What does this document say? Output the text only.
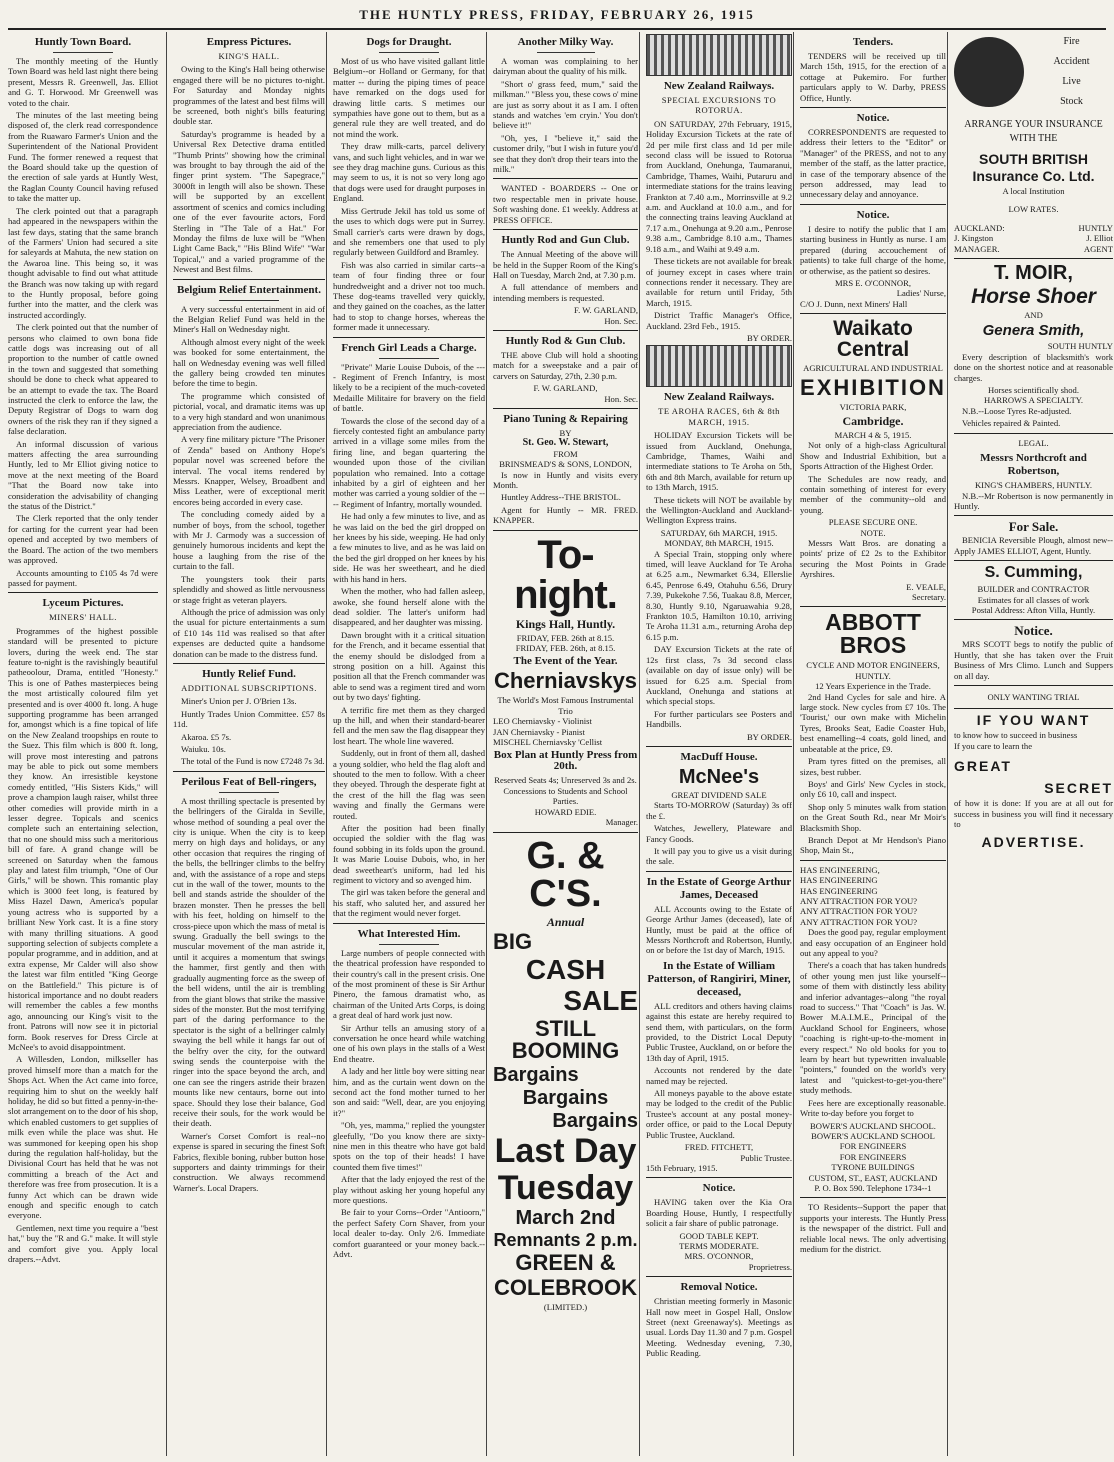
THE HUNTLY PRESS, FRIDAY, FEBRUARY 26, 1915
Huntly Town Board.

The monthly meeting of the Huntly Town Board was held last night there being present, Messrs R. Greenwell, Jas. Elliot and G. T. Horwood. Mr Greenwell was voted to the chair.

The minutes of the last meeting being disposed of, the clerk read correspondence from the Ruawaro Farmer's Union and the Superintendent of the National Provident Fund. The former renewed a request that the Board should take up the question of the erection of sale yards at Huntly West, the Raglan County Council having refused to take the matter up.

The clerk pointed out that a paragraph had appeared in the newspapers within the last few days, stating that the same branch of the Farmers' Union had secured a site for saleyards at Mahuta, the new station on the Awaroa line. This being so, it was thought advisable to find out what attitude the Branch was now taking up with regard to the Huntly proposal, before going further into the matter, and the clerk was instructed accordingly.

The clerk pointed out that the number of persons who claimed to own bona fide cattle dogs was increasing out of all proportion to the number of cattle owned in the town and suggested that something should be done to check what appeared to be an attempt to evade the tax. The Board instructed the clerk to enforce the law, the Deputy Registrar of Dogs to warn dog owners of the risk they ran if they signed a false declaration.

An informal discussion of various matters affecting the area surrounding Huntly, led to Mr Elliot giving notice to move at the next meeting of the Board "That the Board now take into consideration the advisability of changing the status of the District."

The Clerk reported that the only tender for carting for the current year had been opened and accepted by two members of the Board. The action of the two members was approved.

Accounts amounting to £105 4s 7d were passed for payment.

Lyceum Pictures.
MINERS' HALL.

Programmes of the highest possible standard will be presented to picture lovers, during the week end. The star feature to-night is the ravishingly beautiful patheoolour, Drama, entitled "Honesty." This is one of Pathes masterpieces being the most artistically coloured film yet presented and is over 4000 ft. long. A huge supporting programme has been arranged for, amongst which is a fine topical of life on the New Zealand troopships en route to the Suez. This film which is 800 ft. long, will prove most interesting and patrons may be able to pick out some members they know. An irresistible keystone comedy entitled, "His Sisters Kids," will prove a champion laugh raiser, whilst three other comedies will provide mirth in a lesser degree. Topicals and scenics complete such an entertaining selection, that no one should miss such a meritorious bill of fare. A grand change will be screened on Saturday when the famous play and latest film triumph, "One of Our Girls," will be shown. This romantic play which is 3000 feet long, is featured by Miss Hazel Dawn, America's popular young actress who is supported by a brilliant New York cast. It is a fine story with many thrilling situations. A good supporting selection of subjects complete a popular programme, and in addition, and at extra expense, Mr Calder will also show the latest war film entitled "King George on the Battlefield." This picture is of historical importance and no doubt readers will remember the cables a few months ago, announcing our King's visit to the front. Patrons will now see it in pictorial form. Book reserves for Dress Circle at McNee's to avoid disappointment.

A Willesden, London, milkseller has proved himself more than a match for the Shops Act. When the Act came into force, requiring him to shut on the weekly half holiday, he did so but fitted a penny-in-the-slot arrangement on to the door of his shop, which enabled customers to get supplies of milk even while the place was shut. He was summoned for keeping open his shop during the regulation half-holiday, but the Divisional Court has held that he was not committing a breach of the Act and therefore was free from prosecution. It is a funny Act which can be drawn wide enough and specific enough to catch everyone.

Gentlemen, next time you require a "best hat," buy the "R and G." make. It will style and comfort give you. Apply local drapers.--Advt.

Empress Pictures.
KING'S HALL.

Owing to the King's Hall being otherwise engaged there will be no pictures to-night. For Saturday and Monday nights programmes of the latest and best films will be screened, both night's bills featuring double star.

Saturday's programme is headed by a Universal Rex Detective drama entitled "Thumb Prints" showing how the criminal was brought to bay through the aid of the finger print system. "The Sapegrace," 3000ft in length will also be shown. These will be supported by an excellent assortment of scenics and comics including one of the ever favourite actors, Ford Sterling in "The Tale of a Hat." For Monday the films de luxe will be "When Light Came Back," "His Blind Wife" "War Topical," and a varied programme of the Newest and Best films.

Belgium Relief Entertainment.

A very successful entertainment in aid of the Belgian Relief Fund was held in the Miner's Hall on Wednesday night.

Although almost every night of the week was booked for some entertainment, the hall on Wednesday evening was well filled the gallery being crowded ten minutes before the time to begin.

The programme which consisted of pictorial, vocal, and dramatic items was up to a very high standard and won unanimous appreciation from the audience.

A very fine military picture "The Prisoner of Zenda" based on Anthony Hope's popular novel was screened before the interval. The vocal items rendered by Messrs. Knapper, Welsey, Broadbent and Miss Leather, were of exceptional merit encores being accorded in every case.

The concluding comedy aided by a number of boys, from the school, together with Mr J. Carmody was a succession of genuinely humorous incidents and kept the house a laughing from the rise of the curtain to the fall.

The youngsters took their parts splendidly and showed as little nervousness or stage fright as veteran players.

Although the price of admission was only the usual for picture entertainments a sum of £10 14s 11d was realised so that after expenses are deducted quite a handsome donation can be made to the distress fund.

Huntly Relief Fund.
ADDITIONAL SUBSCRIPTIONS.

Miner's Union per J. O'Brien 13s.

Huntly Trades Union Committee. £57 8s 11d.

Akaroa. £5 7s.

Waiuku. 10s.

The total of the Fund is now £7248 7s 3d.

Perilous Feat of Bell-ringers,

A most thrilling spectacle is presented by the bellringers of the Giralda in Seville, whose method of sounding a peal over the city is unique. When the city is to keep merry on high days and holidays, or any other occasion that requires the ringing of the bells, the bellringer climbs to the belfry and, with the assistance of a rope and steps cut in the wall of the tower, mounts to the bell and stands astride the shoulder of the brazen monster. Then he presses the bell with his feet, holding on himself to the cross-piece upon which the mass of metal is swung. Gradually the bell swings to the muscular movement of the man astride it, until it acquires a momentum that swings the hammer, first gently and then with gradually augmenting force as the sweep of the bell widens, until the air is trembling from the giant blows that strike the massive sides of the monster. But the most terrifying part of the daring performance to the spectator is the sight of a bellringer calmly swaying the bell while it hangs far out of the belfry over the city, for the outward swing sends the counterpoise with the ringer into the space beyond the arch, and one can see the ringers astride their brazen mounts like new centaurs, borne out into space. Should they lose their balance, God receive their souls, for the work would be their death.

Warner's Corset Comfort is real--no expense is spared in securing the finest Soft Fabrics, flexible boning, rubber button hose supporters and dainty trimmings for their construction. We always recommend Warner's. Local Drapers.

Dogs for Draught.

Most of us who have visited gallant little Belgium--or Holland or Germany, for that matter -- during the piping times of peace have remarked on the dogs used for drawing little carts. S metimes our sympathies have gone out to them, but as a general rule they are well treated, and do not mind the work.

They draw milk-carts, parcel delivery vans, and such light vehicles, and in war we see they drag machine guns. Curious as this may seem to us, it is not so very long ago that dogs were used for draught purposes in England.

Miss Gertrude Jekil has told us some of the uses to which dogs were put in Surrey. Small carrier's carts were drawn by dogs, and she remembers one that used to ply regularly between Guildford and Bramley.

Fish was also carried in similar carts--a team of four finding three or four hundredweight and a driver not too much. These dog-teams travelled very quickly, and they gained on the coaches, as the latter had to stop to change horses, whereas the former made it unnecessary.

French Girl Leads a Charge.

"Private" Marie Louise Dubois, of the ---- Regiment of French Infantry, is most likely to be a recipient of the much-coveted Medaille Militaire for bravery on the field of battle.

Towards the close of the second day of a fiercely contested fight an ambulance party arrived in a village some miles from the firing line, and began quartering the wounded upon those of the civilian population who remained. Into a cottage inhabited by a girl of eighteen and her mother was carried a young soldier of the ---- Regiment of Infantry, mortally wounded.

He had only a few minutes to live, and as he was laid on the bed the girl dropped on her knees by his side, weeping. He had only a few minutes to live, and as he was laid on the bed the girl dropped on her knees by his side. He was her sweetheart, and he died with his hand in hers.

When the mother, who had fallen asleep, awoke, she found herself alone with the dead soldier. The latter's uniform had disappeared, and her daughter was missing.

Dawn brought with it a critical situation for the French, and it became essential that the enemy should be dislodged from a strong position on a hill. Against this position all that the French commander was able to send was a regiment tired and worn out by two days' fighting.

A terrific fire met them as they charged up the hill, and when their standard-bearer fell and the men saw the flag disappear they lost heart. The whole line wavered.

Suddenly, out in front of them all, dashed a young soldier, who held the flag aloft and shouted to the men to follow. With a cheer they obeyed. Through the desperate fight at the crest of the hill the flag was seen waving and finally the Germans were routed.

After the position had been finally occupied the soldier with the flag was found sobbing in its folds upon the ground. It was Marie Louise Dubois, who, in her dead sweetheart's uniform, had led his regiment to victory and so avenged him.

The girl was taken before the general and his staff, who saluted her, and assured her that the regiment would never forget.

What Interested Him.

Large numbers of people connected with the theatrical profession have responded to their country's call in the present crisis. One of the most prominent of these is Sir Arthur Pinero, the famous dramatist who, as chairman of the United Arts Corps, is doing a great deal of hard work just now.

Sir Arthur tells an amusing story of a conversation he once heard while watching one of his own plays in the stalls of a West End theatre.

A lady and her little boy were sitting near him, and as the curtain went down on the second act the fond mother turned to her son and said: "Well, dear, are you enjoying it?"

"Oh, yes, mamma," replied the youngster gleefully, "Do you know there are sixty-nine men in this theatre who have got bald spots on the top of their heads! I have counted them five times!"

After that the lady enjoyed the rest of the play without asking her young hopeful any more questions.

Be fair to your Corns--Order "Antioorn," the perfect Safety Corn Shaver, from your local dealer to-day. Only 2/6. Immediate comfort guaranteed or your money back.--Advt.

Another Milky Way.

A woman was complaining to her dairyman about the quality of his milk.

"Short o' grass feed, mum," said the milkman." "Bless you, these cows o' mine are just as sorry about it as I am. I often stands and watches 'em cryin.' You don't believe it!"

"Oh, yes, I "believe it," said the customer drily, "but I wish in future you'd see that they don't drop their tears into the milk."

WANTED - BOARDERS -- One or two respectable men in private house. Soft washing done. £1 weekly. Address at PRESS OFFICE.

Huntly Rod and Gun Club.

The Annual Meeting of the above will be held in the Supper Room of the King's Hall on Tuesday, March 2nd, at 7.30 p.m.

A full attendance of members and intending members is requested.

F. W. GARLAND,
Hon. Sec.
Huntly Rod & Gun Club.

THE above Club will hold a shooting match for a sweepstake and a pair of carvers on Saturday, 27th, 2.30 p.m.

F. W. GARLAND,
Hon. Sec.
Piano Tuning & Repairing
BY
St. Geo. W. Stewart,
FROM
BRINSMEAD'S & SONS, LONDON,

Is now in Huntly and visits every Month.

Huntley Address--THE BRISTOL.

Agent for Huntly -- MR. FRED. KNAPPER.

To-night.
Kings Hall, Huntly.
FRIDAY, FEB. 26th at 8.15.
FRIDAY, FEB. 26th, at 8.15.
The Event of the Year.
Cherniavskys
The World's Most Famous Instrumental Trio
LEO Cherniavsky - Violinist
JAN Cherniavsky - Pianist
MISCHEL Cherniavsky 'Cellist
Box Plan at Huntly Press from 20th.
Reserved Seats 4s; Unreserved 3s and 2s. Concessions to Students and School Parties.
HOWARD EDIE.
Manager.
G. & C'S.
Annual
BIG
CASH
SALE
STILL BOOMING
Bargains
Bargains
Bargains
Last Day
Tuesday
March 2nd
Remnants 2 p.m.
GREEN &
COLEBROOK
(LIMITED.)
New Zealand Railways.
SPECIAL EXCURSIONS TO ROTORUA.

ON SATURDAY, 27th February, 1915, Holiday Excursion Tickets at the rate of 2d per mile first class and 1d per mile second class will be issued to Rotorua from Auckland, Onehunga, Taumaranui, Cambridge, Thames, Waihi, Putaruru and intermediate stations for the trains leaving Frankton at 7.40 a.m., Morrinsville at 9.2 a.m. and Auckland at 10.0 a.m., and for the connecting trains leaving Auckland at 7.17 a.m., Onehunga at 9.20 a.m., Penrose 9.38 a.m., Cambridge 8.10 a.m., Thames 9.18 a.m., and Waihi at 9.49 a.m.

These tickets are not available for break of journey except in cases where train connections render it necessary. They are available for return until Friday, 5th March, 1915.

District Traffic Manager's Office, Auckland. 23rd Feb., 1915.

BY ORDER.
New Zealand Railways.
TE AROHA RACES, 6th & 8th MARCH, 1915.

HOLIDAY Excursion Tickets will be issued from Auckland, Onehunga, Cambridge, Thames, Waihi and intermediate stations to Te Aroha on 5th, 6th and 8th March, available for return up to 13th March, 1915.

These tickets will NOT be available by the Wellington-Auckland and Auckland-Wellington Express trains.

SATURDAY, 6th MARCH, 1915.
MONDAY, 8th MARCH, 1915.

A Special Train, stopping only where timed, will leave Auckland for Te Aroha at 6.25 a.m., Newmarket 6.34, Ellerslie 6.45, Penrose 6.49, Otahuhu 6.56, Drury 7.39, Pukekohe 7.56, Tuakau 8.8, Mercer, 8.30, Huntly 9.10, Ngaruawahia 9.28, Frankton 10.5, Hamilton 10.10, arriving Te Aroha 11.31 a.m., returning Aroha dep 6.15 p.m.

DAY Excursion Tickets at the rate of 12s first class, 7s 3d second class (available on day of issue only) will be issued for 6.25 a.m. Special from Auckland, Onehunga and stations at which special stops.

For further particulars see Posters and Handbills.

BY ORDER.
MacDuff House.
McNee's
GREAT DIVIDEND SALE

Starts TO-MORROW (Saturday) 3s off the £.

Watches, Jewellery, Plateware and Fancy Goods.

It will pay you to give us a visit during the sale.

In the Estate of George Arthur James, Deceased

ALL Accounts owing to the Estate of George Arthur James (deceased), late of Huntly, must be paid at the office of Messrs Northcroft and Robertson, Huntly, on or before the 1st day of March, 1915.

In the Estate of William Patterson, of Rangiriri, Miner, deceased,

ALL creditors and others having claims against this estate are hereby required to send them, with particulars, on the form provided, to the District Local Deputy Public Trustee, Auckland, on or before the 13th day of April, 1915.

Accounts not rendered by the date named may be rejected.

All moneys payable to the above estate may be lodged to the credit of the Public Trustee's account at any postal money-order office, or paid to the Local Deputy Public Trustee, Auckland.

FRED. FITCHETT,
Public Trustee.
15th February, 1915.
Notice.

HAVING taken over the Kia Ora Boarding House, Huntly, I respectfully solicit a fair share of public patronage.

GOOD TABLE KEPT.
TERMS MODERATE.
MRS. O'CONNOR,
Proprietress.
Removal Notice.

Christian meeting formerly in Masonic Hall now meet in Gospel Hall, Onslow Street (next Greenaway's). Meetings as usual. Lords Day 11.30 and 7 p.m. Gospel Meeting. Wednesday evening, 7.30, Public Reading.

Tenders.

TENDERS will be received up till March 15th, 1915, for the erection of a cottage at Pukemiro. For further particulars apply to W. Darby, PRESS Office, Huntly.

Notice.

CORRESPONDENTS are requested to address their letters to the "Editor" or "Manager" of the PRESS, and not to any member of the staff, as the latter practice, in case of the temporary absence of the person addressed, may lead to unnecessary delay and annoyance.

Notice.

I desire to notify the public that I am starting business in Huntly as nurse. I am prepared (during accouchement of patients) to take full charge of the home, or otherwise, as the patient so desires.

MRS E. O'CONNOR,
Ladies' Nurse,
C/O J. Dunn, next Miners' Hall
Waikato Central
AGRICULTURAL AND INDUSTRIAL
EXHIBITION
VICTORIA PARK,
Cambridge.
MARCH 4 & 5, 1915.

Not only of a high-class Agricultural Show and Industrial Exhibition, but a Sports Attraction of the Highest Order.

The Schedules are now ready, and contain something of interest for every member of the community--old and young.

PLEASE SECURE ONE.
NOTE.

Messrs Watt Bros. are donating a points' prize of £2 2s to the Exhibitor securing the Most Points in Grade Ayrshires.

E. VEALE,
Secretary.
ABBOTT BROS
CYCLE AND MOTOR ENGINEERS, HUNTLY.
12 Years Experience in the Trade.

2nd Hand Cycles for sale and hire. A large stock. New cycles from £7 10s. The 'Tourist,' our own make with Michelin Tyres, Brooks Seat, Eadie Coaster Hub, best enamelling--4 coats, gold lined, and unbeatable at the price, £9.

Pram tyres fitted on the premises, all sizes, best rubber.

Boys' and Girls' New Cycles in stock, only £6 10, call and inspect.

Shop only 5 minutes walk from station on the Great South Rd., near Mr Moir's Blacksmith Shop.

Branch Depot at Mr Hendson's Piano Shop, Main St.,

HAS ENGINEERING,
HAS ENGINEERING
HAS ENGINEERING
ANY ATTRACTION FOR YOU?
ANY ATTRACTION FOR YOU?
ANY ATTRACTION FOR YOU?

Does the good pay, regular employment and easy occupation of an Engineer hold out any appeal to you?

There's a coach that has taken hundreds of other young men just like yourself--some of them with distinctly less ability and inferior advantages--along "the royal road to success." That "Coach" is Jas. W. Bower M.A.I.M.E., Principal of the Auckland School for Engineers, whose "coaching is right-up-to-the-moment in every respect." No old books for you to learn by heart but typewritten invaluable "pointers," founded on the world's very latest and "quickest-to-get-you-there" study methods.

Fees here are exceptionally reasonable. Write to-day before you forget to

BOWER'S AUCKLAND SHCOOL.
BOWER'S AUCKLAND SCHOOL
FOR ENGINEERS
FOR ENGINEERS
TYRONE BUILDINGS
CUSTOM, ST., EAST, AUCKLAND
P. O. Box 590. Telephone 1734--1

TO Residents--Support the paper that supports your interests. The Huntly Press is the newspaper of the district. Full and reliable local news. The only advertising medium for the district.

Fire
Accident
Live
Stock
ARRANGE YOUR INSURANCE WITH THE
SOUTH BRITISH
Insurance Co. Ltd.
A local Institution
LOW RATES.
AUCKLAND:	HUNTLY
J. Kingston	J. Elliot
MANAGER.	AGENT
T. MOIR,
Horse Shoer
AND
Genera Smith,
SOUTH HUNTLY

Every description of blacksmith's work done on the shortest notice and at reasonable charges.

Horses scientifically shod.
HARROWS A SPECIALTY.

N.B.--Loose Tyres Re-adjusted.

Vehicles repaired & Painted.

LEGAL.
Messrs Northcroft and Robertson,
KING'S CHAMBERS, HUNTLY.

N.B.--Mr Robertson is now permanently in Huntly.

For Sale.

BENICIA Reversible Plough, almost new--Apply JAMES ELLIOT, Agent, Huntly.

S. Cumming,
BUILDER and CONTRACTOR
Estimates for all classes of work
Postal Address: Afton Villa, Huntly.
Notice.

MRS SCOTT begs to notify the public of Huntly, that she has taken over the Fruit Business of Mrs Climo. Lunch and Suppers on all day.

ONLY WANTING TRIAL
IF YOU WANT
to know how to succeed in business
If you care to learn the
GREAT
SECRET
of how it is done: If you are at all out for success in business you will find it necessary to
ADVERTISE.
